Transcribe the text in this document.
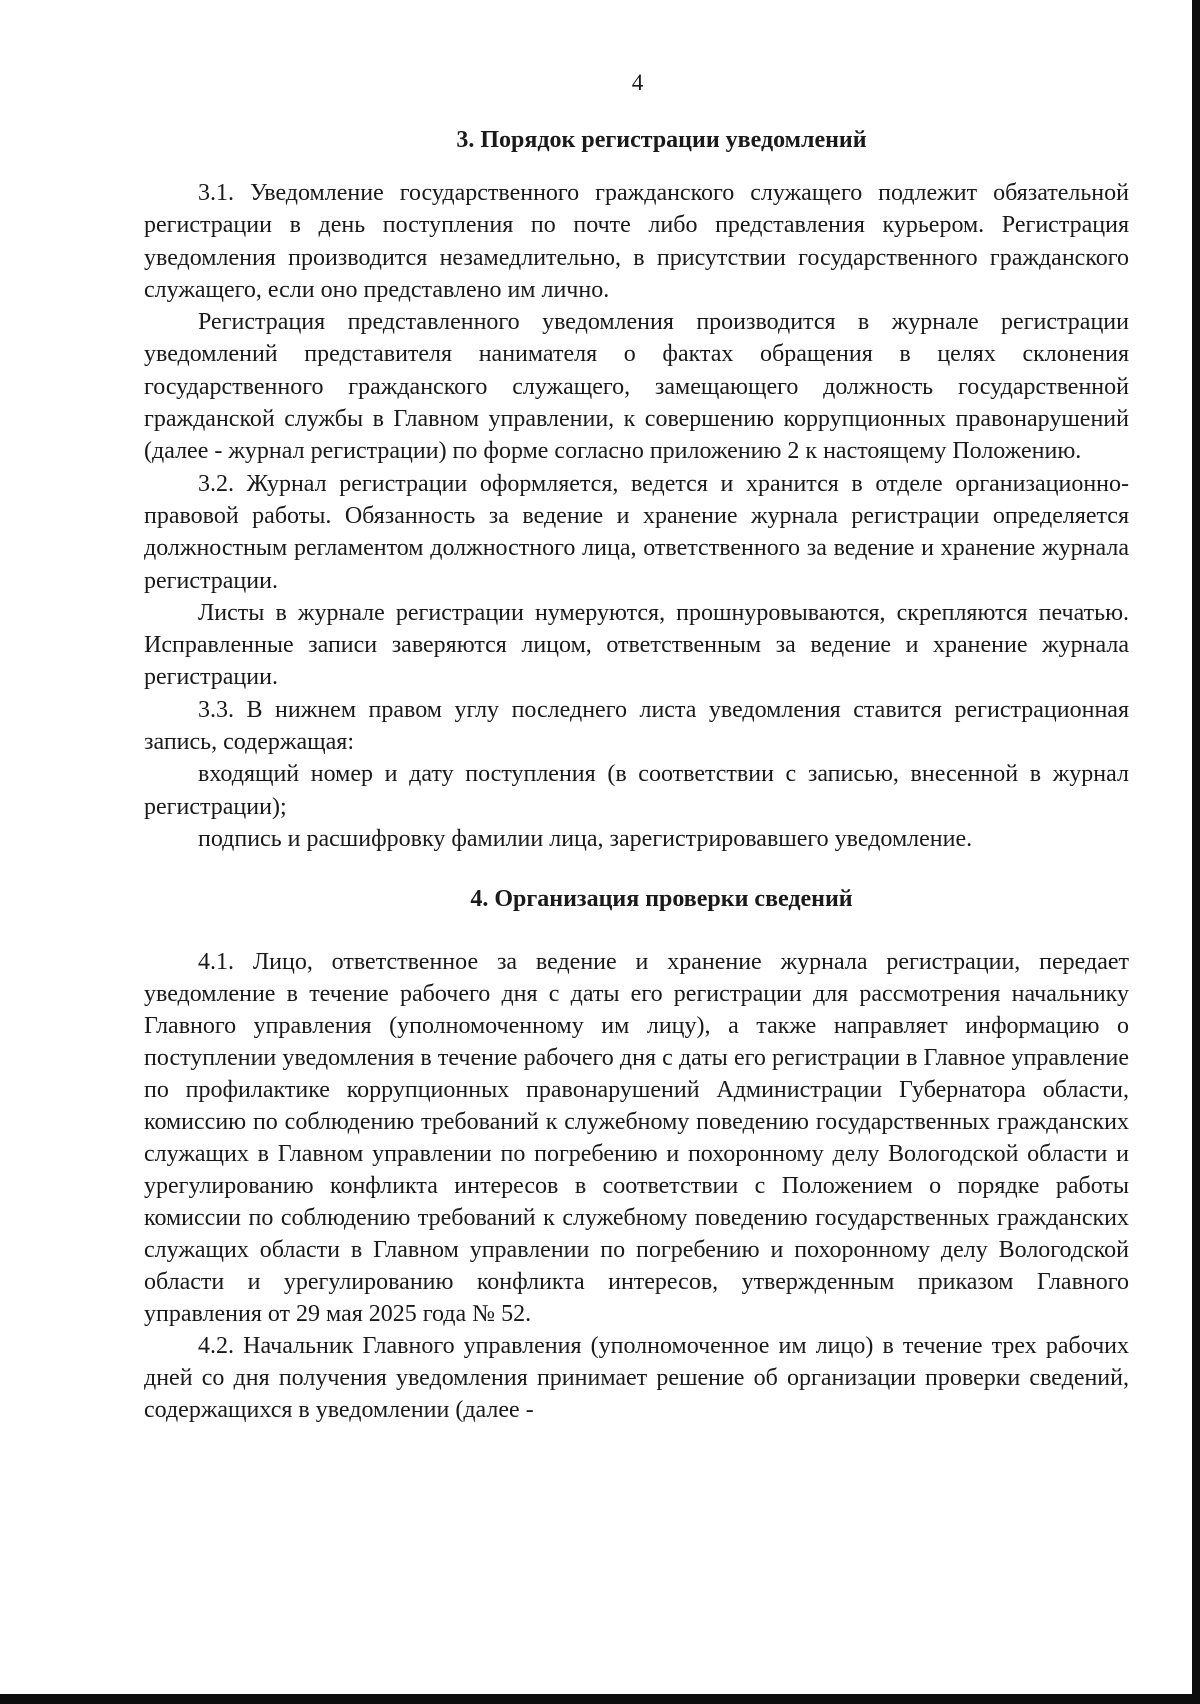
4
3. Порядок регистрации уведомлений

3.1. Уведомление государственного гражданского служащего подлежит обязательной регистрации в день поступления по почте либо представления курьером. Регистрация уведомления производится незамедлительно, в присутствии государственного гражданского служащего, если оно представлено им лично.

Регистрация представленного уведомления производится в журнале регистрации уведомлений представителя нанимателя о фактах обращения в целях склонения государственного гражданского служащего, замещающего должность государственной гражданской службы в Главном управлении, к совершению коррупционных правонарушений (далее - журнал регистрации) по форме согласно приложению 2 к настоящему Положению.

3.2. Журнал регистрации оформляется, ведется и хранится в отделе организационно-правовой работы. Обязанность за ведение и хранение журнала регистрации определяется должностным регламентом должностного лица, ответственного за ведение и хранение журнала регистрации.

Листы в журнале регистрации нумеруются, прошнуровываются, скрепляются печатью. Исправленные записи заверяются лицом, ответственным за ведение и хранение журнала регистрации.

3.3. В нижнем правом углу последнего листа уведомления ставится регистрационная запись, содержащая:

входящий номер и дату поступления (в соответствии с записью, внесенной в журнал регистрации);

подпись и расшифровку фамилии лица, зарегистрировавшего уведомление.

4. Организация проверки сведений

4.1. Лицо, ответственное за ведение и хранение журнала регистрации, передает уведомление в течение рабочего дня с даты его регистрации для рассмотрения начальнику Главного управления (уполномоченному им лицу), а также направляет информацию о поступлении уведомления в течение рабочего дня с даты его регистрации в Главное управление по профилактике коррупционных правонарушений Администрации Губернатора области, комиссию по соблюдению требований к служебному поведению государственных гражданских служащих в Главном управлении по погребению и похоронному делу Вологодской области и урегулированию конфликта интересов в соответствии с Положением о порядке работы комиссии по соблюдению требований к служебному поведению государственных гражданских служащих области в Главном управлении по погребению и похоронному делу Вологодской области и урегулированию конфликта интересов, утвержденным приказом Главного управления от 29 мая 2025 года № 52.

4.2. Начальник Главного управления (уполномоченное им лицо) в течение трех рабочих дней со дня получения уведомления принимает решение об организации проверки сведений, содержащихся в уведомлении (далее -
